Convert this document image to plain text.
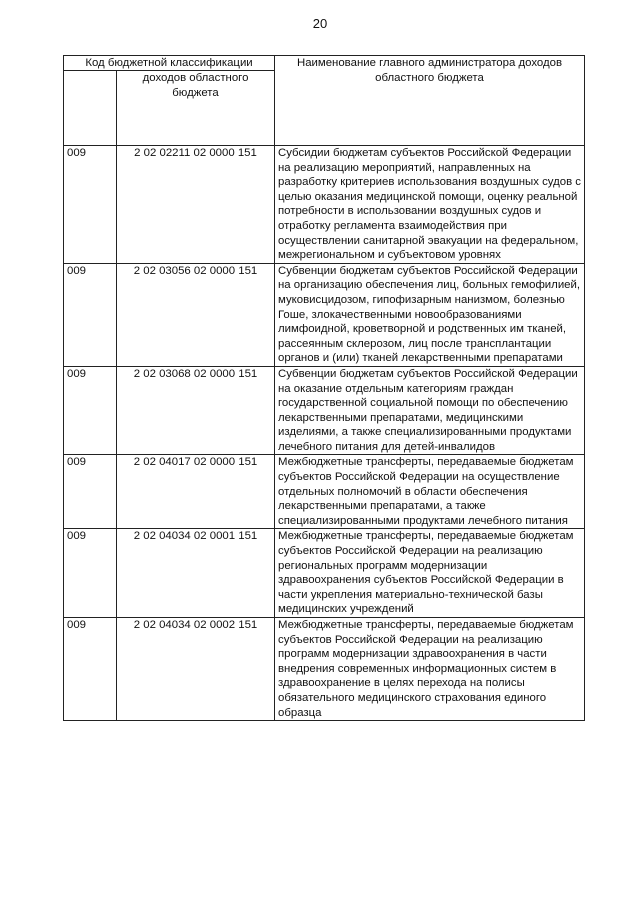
20
Код бюджетной классификации		Наименование главного администратора доходов областного бюджета
	доходов областного бюджета	
009	2 02 02211 02 0000 151	Субсидии бюджетам субъектов Российской Федерации на реализацию мероприятий, направленных на разработку критериев использования воздушных судов с целью оказания медицинской помощи, оценку реальной потребности в использовании воздушных судов и отработку регламента взаимодействия при осуществлении санитарной эвакуации на федеральном, межрегиональном и субъектовом уровнях
009	2 02 03056 02 0000 151	Субвенции бюджетам субъектов Российской Федерации на организацию обеспечения лиц, больных гемофилией, муковисцидозом, гипофизарным нанизмом, болезнью Гоше, злокачественными новообразованиями лимфоидной, кроветворной и родственных им тканей, рассеянным склерозом, лиц после трансплантации органов и (или) тканей лекарственными препаратами
009	2 02 03068 02 0000 151	Субвенции бюджетам субъектов Российской Федерации на оказание отдельным категориям граждан государственной социальной помощи по обеспечению лекарственными препаратами, медицинскими изделиями, а также специализированными продуктами лечебного питания для детей-инвалидов
009	2 02 04017 02 0000 151	Межбюджетные трансферты, передаваемые бюджетам субъектов Российской Федерации на осуществление отдельных полномочий в области обеспечения лекарственными препаратами, а также специализированными продуктами лечебного питания
009	2 02 04034 02 0001 151	Межбюджетные трансферты, передаваемые бюджетам субъектов Российской Федерации на реализацию региональных программ модернизации здравоохранения субъектов Российской Федерации в части укрепления материально-технической базы медицинских учреждений
009	2 02 04034 02 0002 151	Межбюджетные трансферты, передаваемые бюджетам субъектов Российской Федерации на реализацию программ модернизации здравоохранения в части внедрения современных информационных систем в здравоохранение в целях перехода на полисы обязательного медицинского страхования единого образца
